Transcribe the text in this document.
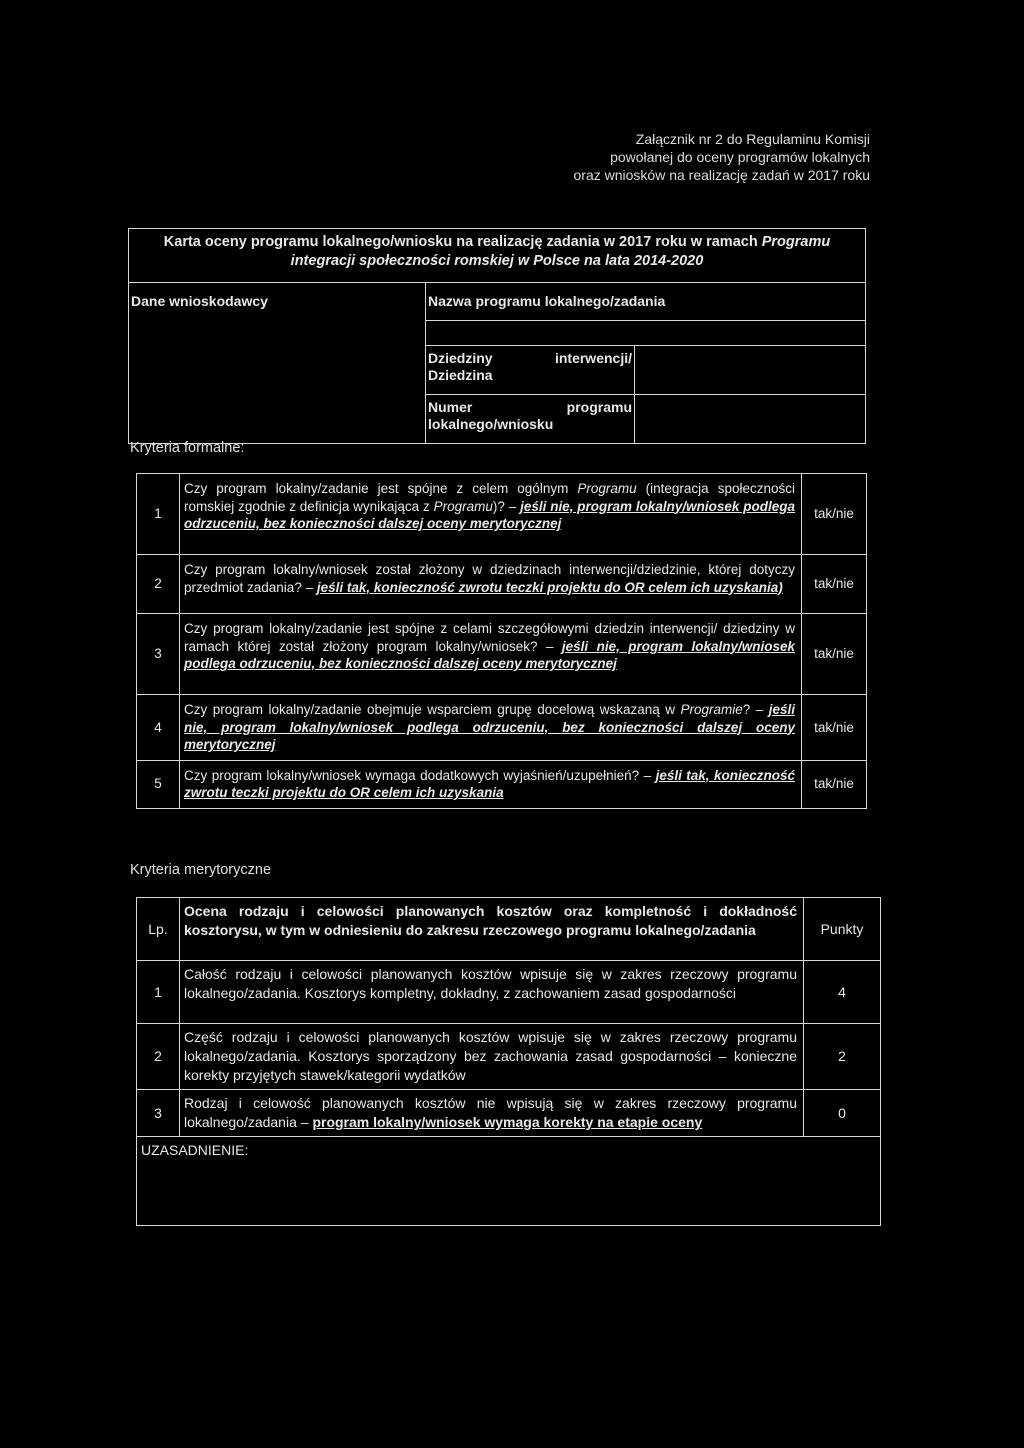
Załącznik nr 2 do Regulaminu Komisji
powołanej do oceny programów lokalnych
oraz wniosków na realizację zadań w 2017 roku
Karta oceny programu lokalnego/wniosku na realizację zadania w 2017 roku w ramach Programu integracji społeczności romskiej w Polsce na lata 2014-2020		
Dane wnioskodawcy	Nazwa programu lokalnego/zadania	

	Dziedziny interwencji/
Dziedzina	

	Numer programu
lokalnego/wniosku	

Kryteria formalne:
1	Czy program lokalny/zadanie jest spójne z celem ogólnym Programu (integracja społeczności romskiej zgodnie z definicja wynikająca z Programu)? – jeśli nie, program lokalny/wniosek podlega odrzuceniu, bez konieczności dalszej oceny merytorycznej	tak/nie
2	Czy program lokalny/wniosek został złożony w dziedzinach interwencji/dziedzinie, której dotyczy przedmiot zadania? – jeśli tak, konieczność zwrotu teczki projektu do OR celem ich uzyskania)	tak/nie
3	Czy program lokalny/zadanie jest spójne z celami szczegółowymi dziedzin interwencji/ dziedziny w ramach której został złożony program lokalny/wniosek? – jeśli nie, program lokalny/wniosek podlega odrzuceniu, bez konieczności dalszej oceny merytorycznej	tak/nie
4	Czy program lokalny/zadanie obejmuje wsparciem grupę docelową wskazaną w Programie? – jeśli nie, program lokalny/wniosek podlega odrzuceniu, bez konieczności dalszej oceny merytorycznej	tak/nie
5	Czy program lokalny/wniosek wymaga dodatkowych wyjaśnień/uzupełnień? – jeśli tak, konieczność zwrotu teczki projektu do OR celem ich uzyskania	tak/nie
Kryteria merytoryczne
Lp.	Ocena rodzaju i celowości planowanych kosztów oraz kompletność i dokładność kosztorysu, w tym w odniesieniu do zakresu rzeczowego programu lokalnego/zadania	Punkty
1	Całość rodzaju i celowości planowanych kosztów wpisuje się w zakres rzeczowy programu lokalnego/zadania. Kosztorys kompletny, dokładny, z zachowaniem zasad gospodarności	4
2	Część rodzaju i celowości planowanych kosztów wpisuje się w zakres rzeczowy programu lokalnego/zadania. Kosztorys sporządzony bez zachowania zasad gospodarności – konieczne korekty przyjętych stawek/kategorii wydatków	2
3	Rodzaj i celowość planowanych kosztów nie wpisują się w zakres rzeczowy programu lokalnego/zadania – program lokalny/wniosek wymaga korekty na etapie oceny	0
UZASADNIENIE:		
